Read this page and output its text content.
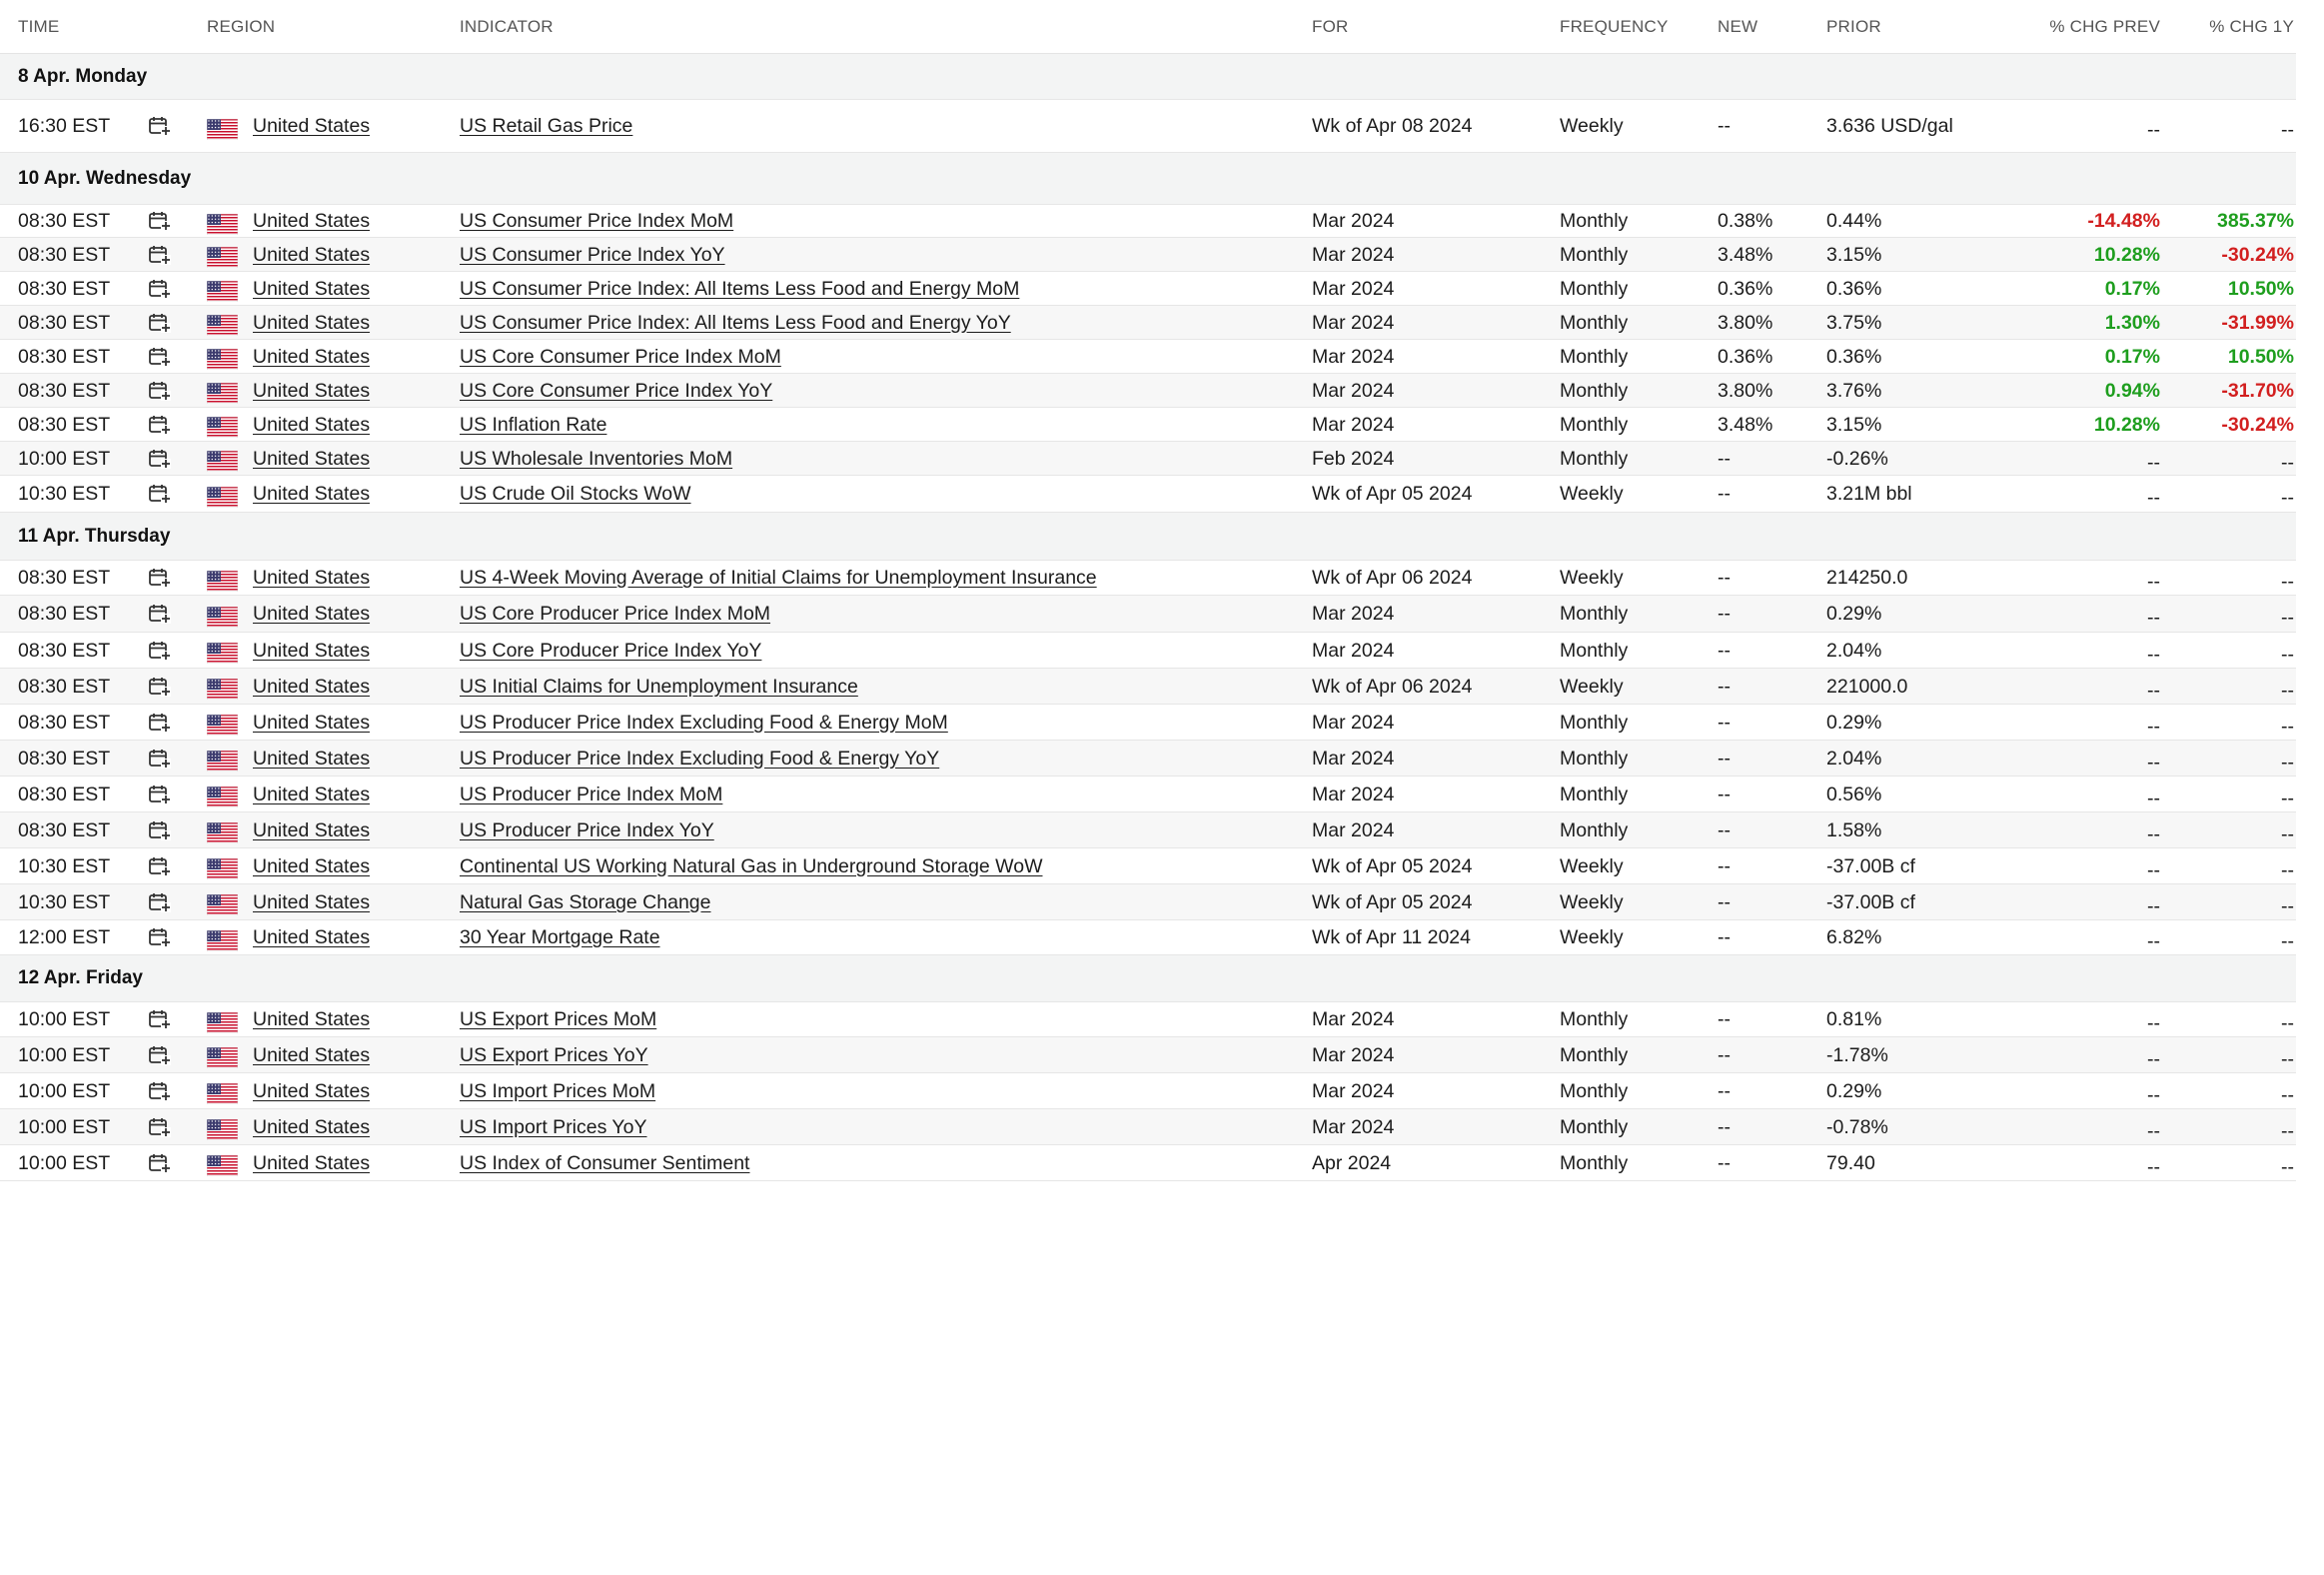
TIME	REGION	INDICATOR	FOR	FREQUENCY	NEW	PRIOR	% CHG PREV	% CHG 1Y
8 Apr. Monday
16:30 EST	United States	US Retail Gas Price	Wk of Apr 08 2024	Weekly	--	3.636 USD/gal	--	--
10 Apr. Wednesday
08:30 EST	United States	US Consumer Price Index MoM	Mar 2024	Monthly	0.38%	0.44%	-14.48%	385.37%
08:30 EST	United States	US Consumer Price Index YoY	Mar 2024	Monthly	3.48%	3.15%	10.28%	-30.24%
08:30 EST	United States	US Consumer Price Index: All Items Less Food and Energy MoM	Mar 2024	Monthly	0.36%	0.36%	0.17%	10.50%
08:30 EST	United States	US Consumer Price Index: All Items Less Food and Energy YoY	Mar 2024	Monthly	3.80%	3.75%	1.30%	-31.99%
08:30 EST	United States	US Core Consumer Price Index MoM	Mar 2024	Monthly	0.36%	0.36%	0.17%	10.50%
08:30 EST	United States	US Core Consumer Price Index YoY	Mar 2024	Monthly	3.80%	3.76%	0.94%	-31.70%
08:30 EST	United States	US Inflation Rate	Mar 2024	Monthly	3.48%	3.15%	10.28%	-30.24%
10:00 EST	United States	US Wholesale Inventories MoM	Feb 2024	Monthly	--	-0.26%	--	--
10:30 EST	United States	US Crude Oil Stocks WoW	Wk of Apr 05 2024	Weekly	--	3.21M bbl	--	--
11 Apr. Thursday
08:30 EST	United States	US 4-Week Moving Average of Initial Claims for Unemployment Insurance	Wk of Apr 06 2024	Weekly	--	214250.0	--	--
08:30 EST	United States	US Core Producer Price Index MoM	Mar 2024	Monthly	--	0.29%	--	--
08:30 EST	United States	US Core Producer Price Index YoY	Mar 2024	Monthly	--	2.04%	--	--
08:30 EST	United States	US Initial Claims for Unemployment Insurance	Wk of Apr 06 2024	Weekly	--	221000.0	--	--
08:30 EST	United States	US Producer Price Index Excluding Food & Energy MoM	Mar 2024	Monthly	--	0.29%	--	--
08:30 EST	United States	US Producer Price Index Excluding Food & Energy YoY	Mar 2024	Monthly	--	2.04%	--	--
08:30 EST	United States	US Producer Price Index MoM	Mar 2024	Monthly	--	0.56%	--	--
08:30 EST	United States	US Producer Price Index YoY	Mar 2024	Monthly	--	1.58%	--	--
10:30 EST	United States	Continental US Working Natural Gas in Underground Storage WoW	Wk of Apr 05 2024	Weekly	--	-37.00B cf	--	--
10:30 EST	United States	Natural Gas Storage Change	Wk of Apr 05 2024	Weekly	--	-37.00B cf	--	--
12:00 EST	United States	30 Year Mortgage Rate	Wk of Apr 11 2024	Weekly	--	6.82%	--	--
12 Apr. Friday
10:00 EST	United States	US Export Prices MoM	Mar 2024	Monthly	--	0.81%	--	--
10:00 EST	United States	US Export Prices YoY	Mar 2024	Monthly	--	-1.78%	--	--
10:00 EST	United States	US Import Prices MoM	Mar 2024	Monthly	--	0.29%	--	--
10:00 EST	United States	US Import Prices YoY	Mar 2024	Monthly	--	-0.78%	--	--
10:00 EST	United States	US Index of Consumer Sentiment	Apr 2024	Monthly	--	79.40	--	--
